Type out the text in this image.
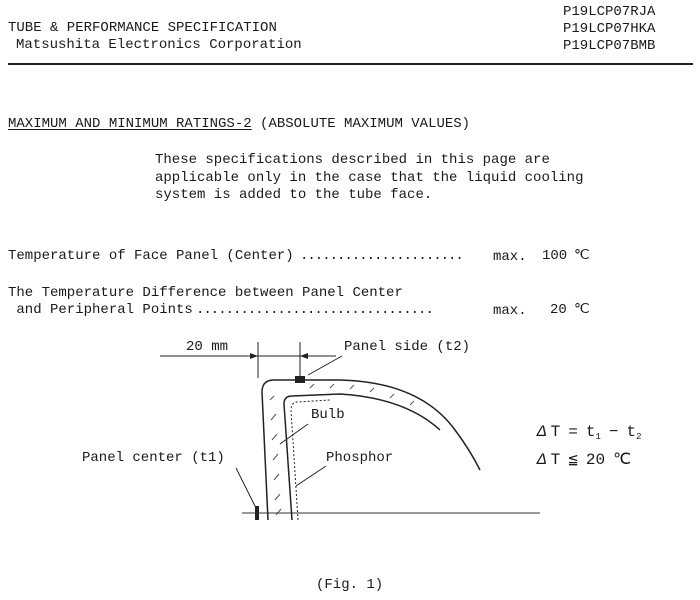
TUBE & PERFORMANCE SPECIFICATION
Matsushita Electronics Corporation
P19LCP07RJA
P19LCP07HKA
P19LCP07BMB
MAXIMUM AND MINIMUM RATINGS-2 (ABSOLUTE MAXIMUM VALUES)
These specifications described in this page are
applicable only in the case that the liquid cooling
system is added to the tube face.
Temperature of Face Panel (Center) ...................... max. 100 ℃
The Temperature Difference between Panel Center
and Peripheral Points ................................	max. 20 ℃
20 mm	Panel side (t2)
Bulb
Phosphor
Panel center (t1)
Δ T = t1 − t2
Δ T ≦ 20 ℃
(Fig. 1)
